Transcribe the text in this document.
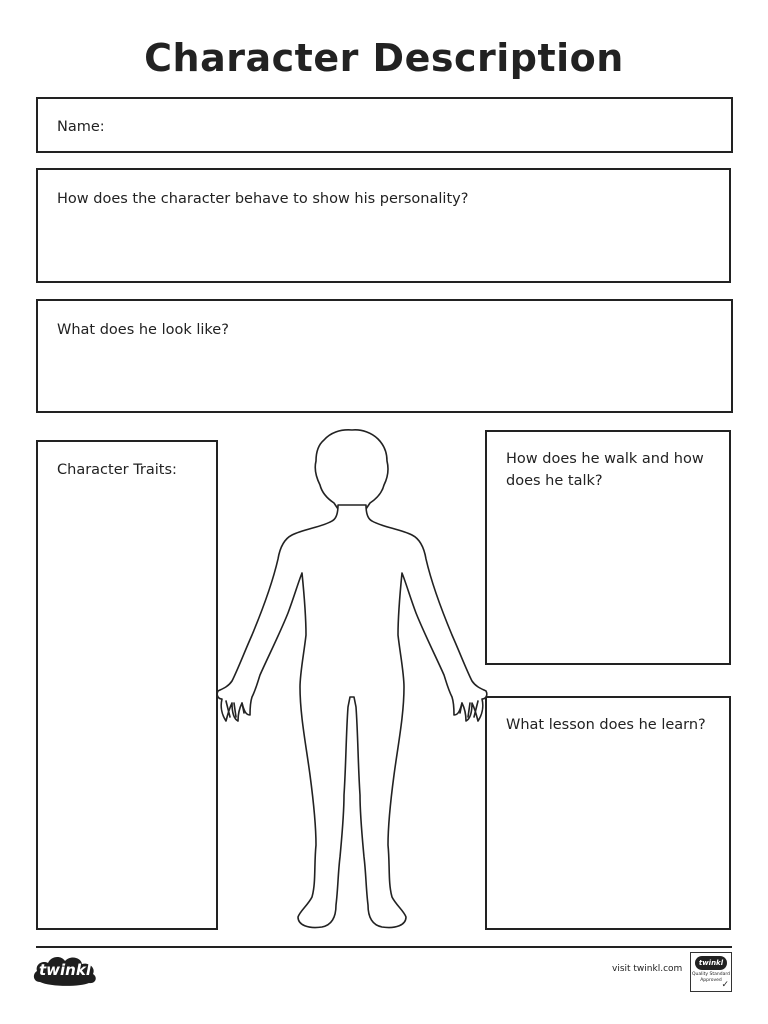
Character Description
Name:
How does the character behave to show his personality?
What does he look like?
Character Traits:
How does he walk and how does he talk?
What lesson does he learn?
twinkl	visit twinkl.com
twinkl
Quality Standard Approved ✓
